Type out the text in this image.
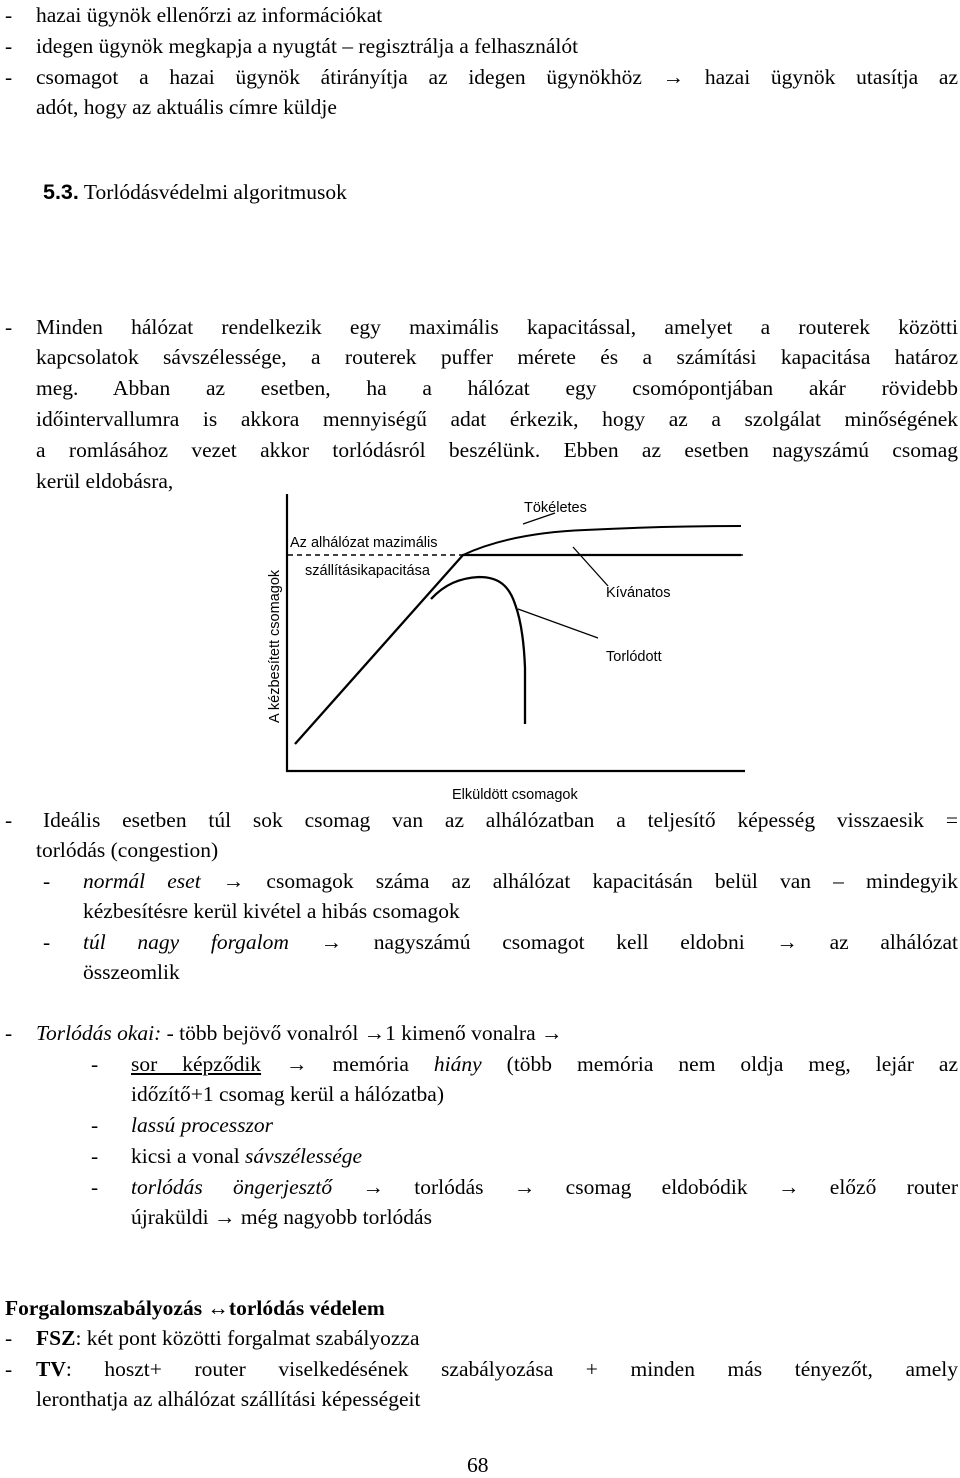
- hazai ügynök ellenőrzi az információkat
- idegen ügynök megkapja a nyugtát – regisztrálja a felhasználót
- csomagot a hazai ügynök átirányítja az idegen ügynökhöz → hazai ügynök utasítja az
adót, hogy az aktuális címre küldje
5.3. Torlódásvédelmi algoritmusok
- Minden hálózat rendelkezik egy maximális kapacitással, amelyet a routerek közötti
kapcsolatok sávszélessége, a routerek puffer mérete és a számítási kapacitása határoz
meg. Abban az esetben, ha a hálózat egy csomópontjában akár rövidebb
időintervallumra is akkora mennyiségű adat érkezik, hogy az a szolgálat minőségének
a romlásához vezet akkor torlódásról beszélünk. Ebben az esetben nagyszámú csomag
kerül eldobásra,
Az alhálózat mazimális
szállításikapacitása
Tökéletes
Kívánatos
Torlódott
Elküldött csomagok
A kézbesített csomagok
- Ideális esetben túl sok csomag van az alhálózatban a teljesítő képesség visszaesik =
torlódás (congestion)
- normál eset → csomagok száma az alhálózat kapacitásán belül van – mindegyik
kézbesítésre kerül kivétel a hibás csomagok
- túl nagy forgalom → nagyszámú csomagot kell eldobni → az alhálózat
összeomlik
- Torlódás okai: - több bejövő vonalról →1 kimenő vonalra →
- sor képződik → memória hiány (több memória nem oldja meg, lejár az
időzítő+1 csomag kerül a hálózatba)
- lassú processzor
- kicsi a vonal sávszélessége
- torlódás öngerjesztő → torlódás → csomag eldobódik → előző router
újraküldi → még nagyobb torlódás
Forgalomszabályozás ↔torlódás védelem
- FSZ: két pont közötti forgalmat szabályozza
- TV: hoszt+ router viselkedésének szabályozása + minden más tényezőt, amely
leronthatja az alhálózat szállítási képességeit
68
